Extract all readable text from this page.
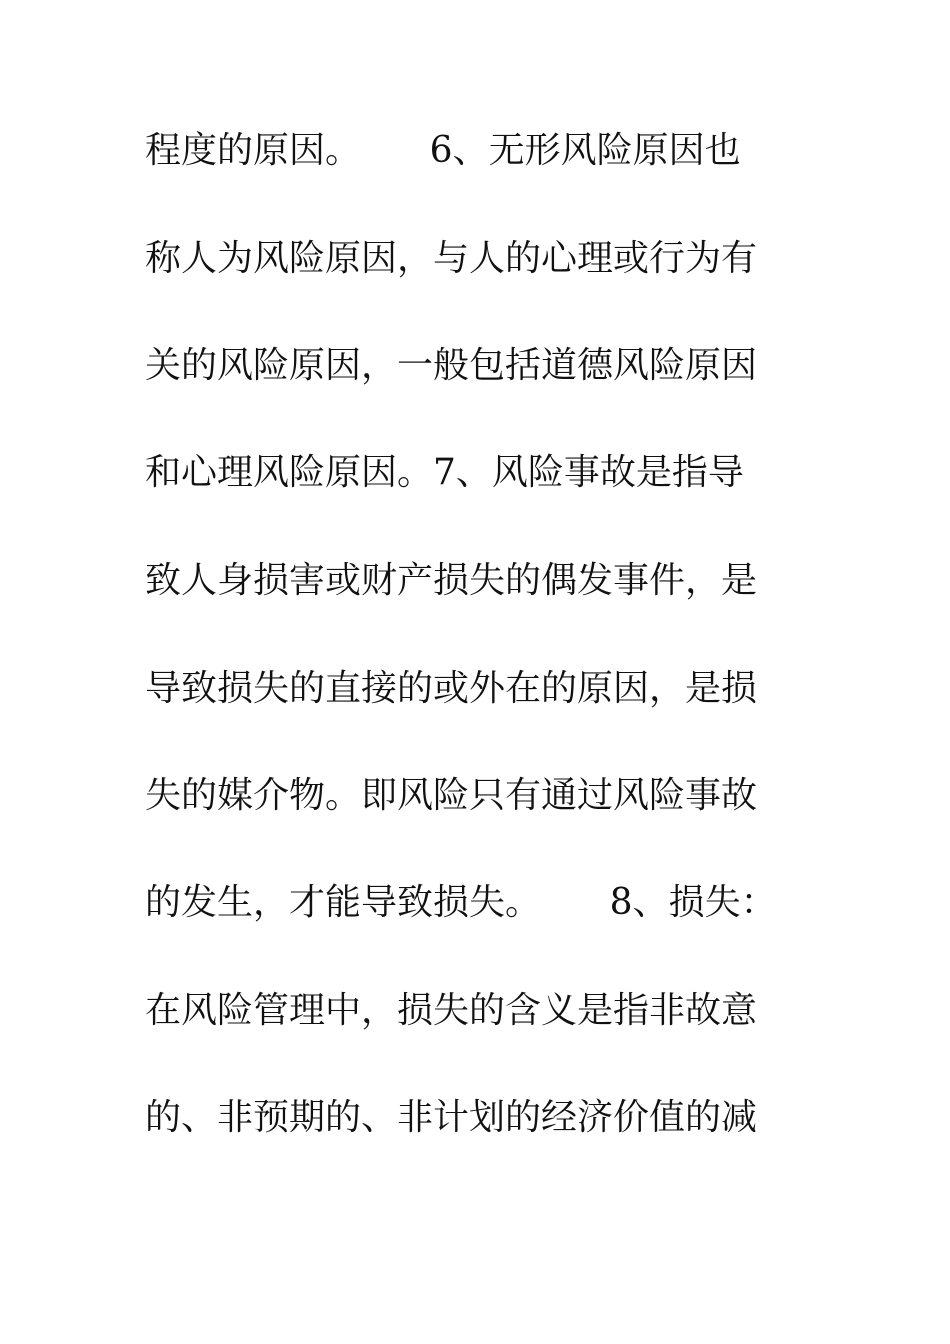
程度的原因。      6、无形风险原因也
称人为风险原因，与人的心理或行为有
关的风险原因，一般包括道德风险原因
和心理风险原因。7、风险事故是指导
致人身损害或财产损失的偶发事件，是
导致损失的直接的或外在的原因，是损
失的媒介物。即风险只有通过风险事故
的发生，才能导致损失。      8、损失：
在风险管理中，损失的含义是指非故意
的、非预期的、非计划的经济价值的减
